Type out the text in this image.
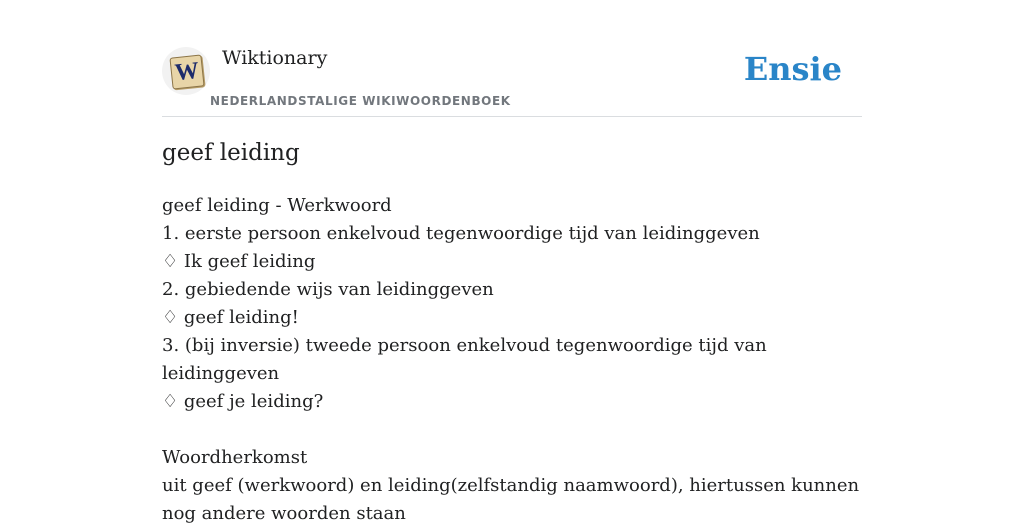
W Wiktionary
NEDERLANDSTALIGE WIKIWOORDENBOEK
Ensie
geef leiding

geef leiding - Werkwoord

1. eerste persoon enkelvoud tegenwoordige tijd van leidinggeven

♢ Ik geef leiding

2. gebiedende wijs van leidinggeven

♢ geef leiding!

3. (bij inversie) tweede persoon enkelvoud tegenwoordige tijd van leidinggeven

♢ geef je leiding?

Woordherkomst

uit geef (werkwoord) en leiding(zelfstandig naamwoord), hiertussen kunnen nog andere woorden staan
